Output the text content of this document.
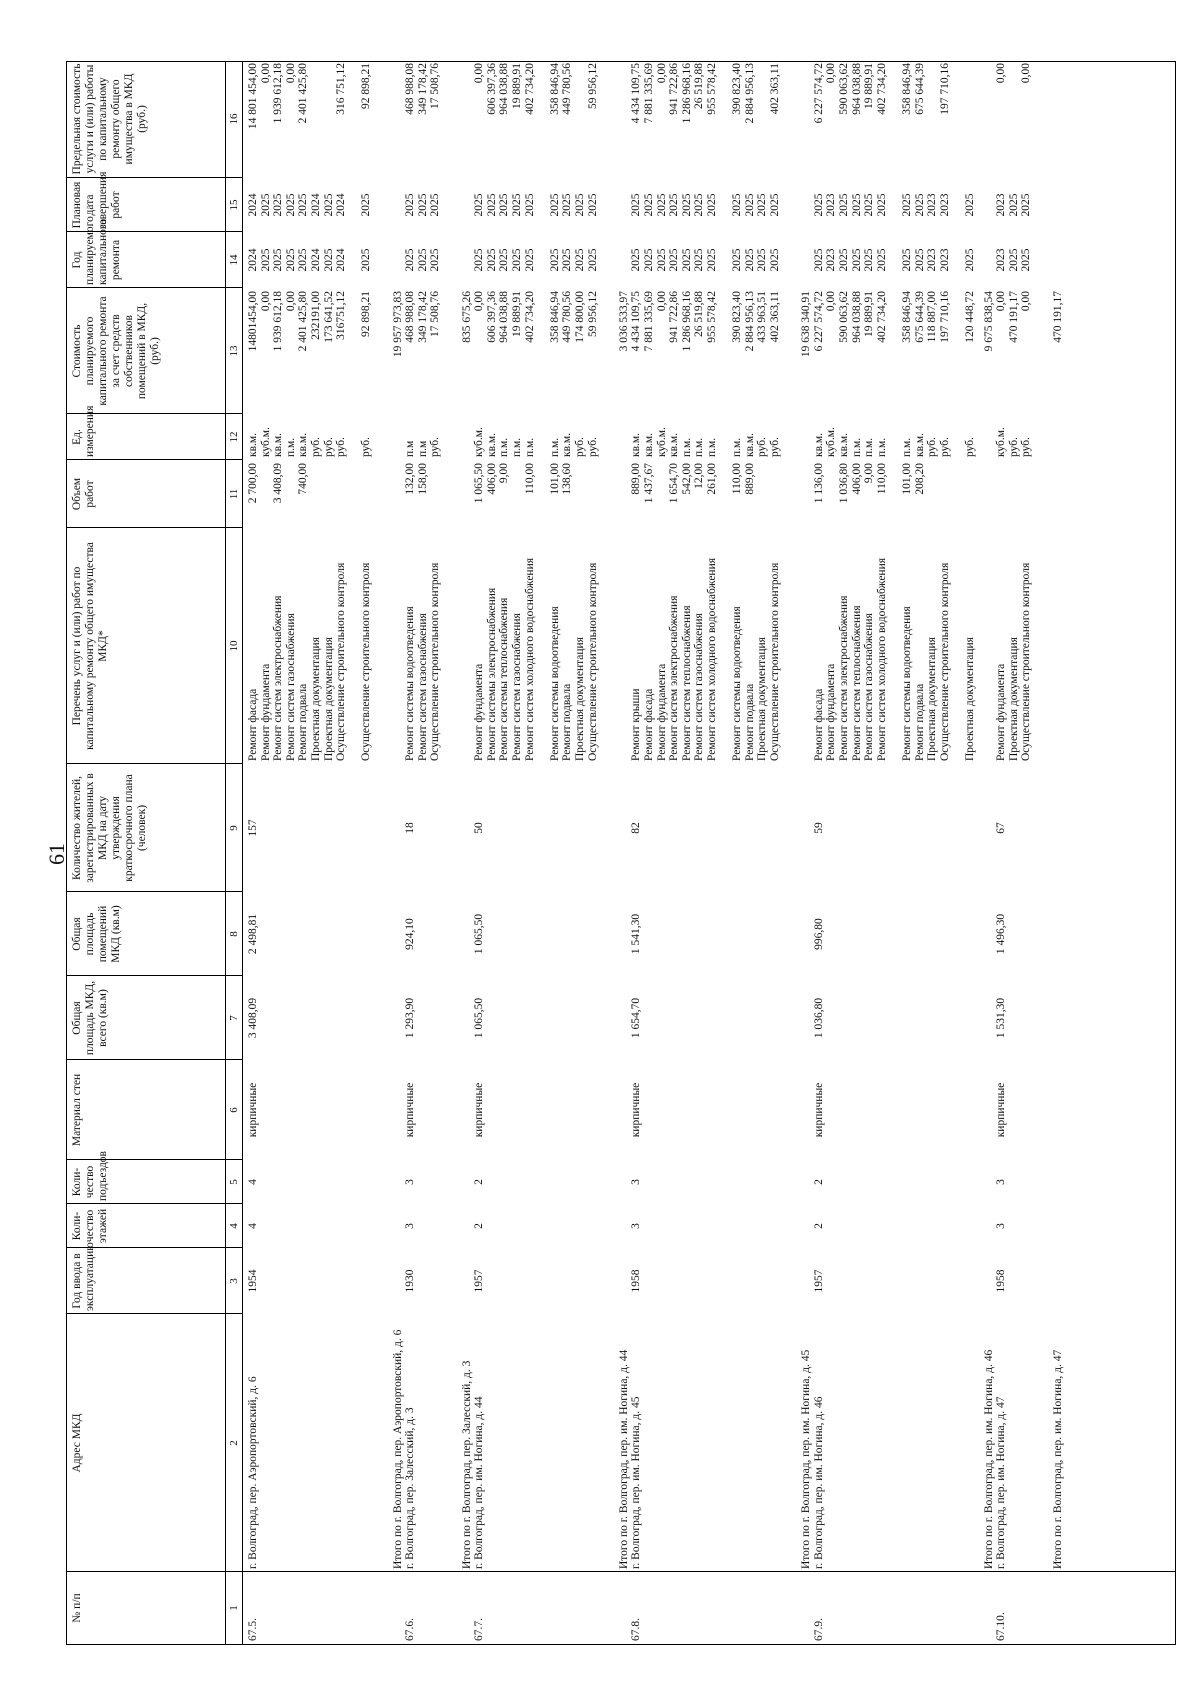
61
№ п/п
Адрес МКД
Год ввода в эксплуатацию
Коли-чество этажей
Коли-чество подъездов
Материал стен
Общая площадь МКД, всего (кв.м)
Общая площадь помещений МКД (кв.м)
Количество жителей, зарегистрированных в МКД на дату утверждения краткосрочного плана (человек)
Перечень услуг и (или) работ по капитальному ремонту общего имущества МКД*
Объем работ
Ед. измерения
Стоимость планируемого капитального ремонта за счет средств собственников помещений в МКД, (руб.)
Год планируемого капитального ремонта
Плановая дата завершения работ
Предельная стоимость услуги и (или) работы по капитальному ремонту общего имущества в МКД (руб.)
1
2
3
4
5
6
7
8
9
10
11
12
13
14
15
16
67.5.
г. Волгоград, пер. Аэропортовский, д. 6
1954
4
4
кирпичные
3 408,09
2 498,81
157
Ремонт фасада
2 700,00
кв.м.
14801454,00
2024
2024
14 801 454,00
Ремонт фундамента
куб.м.
0,00
2025
2025
0,00
Ремонт систем электроснабжения
3 408,09
кв.м.
1 939 612,18
2025
2025
1 939 612,18
Ремонт систем газоснабжения
п.м.
0,00
2025
2025
0,00
Ремонт подвала
740,00
кв.м.
2 401 425,80
2025
2025
2 401 425,80
Проектная документация
руб.
232191,00
2024
2024
Проектная документация
руб.
173 641,52
2025
2025
Осуществление строительного контроля
руб.
316751,12
2024
2024
316 751,12
Осуществление строительного контроля
руб.
92 898,21
2025
2025
92 898,21
Итого по г. Волгоград, пер. Аэропортовский, д. 6
19 957 973,83
67.6.
г. Волгоград, пер. Залесский, д. 3
1930
3
3
кирпичные
1 293,90
924,10
18
Ремонт системы водоотведения
132,00
п.м
468 988,08
2025
2025
468 988,08
Ремонт систем газоснабжения
158,00
п.м
349 178,42
2025
2025
349 178,42
Осуществление строительного контроля
руб.
17 508,76
2025
2025
17 508,76
Итого по г. Волгоград, пер. Залесский, д. 3
835 675,26
67.7.
г. Волгоград, пер. им. Ногина, д. 44
1957
2
2
кирпичные
1 065,50
1 065,50
50
Ремонт фундамента
1 065,50
куб.м.
0,00
2025
2025
0,00
Ремонт системы электроснабжения
406,00
кв.м.
606 397,36
2025
2025
606 397,36
Ремонт системы теплоснабжения
9,00
п.м.
964 038,88
2025
2025
964 038,88
Ремонт систем газоснабжения
п.м.
19 889,91
2025
2025
19 889,91
Ремонт систем холодного водоснабжения
110,00
п.м.
402 734,20
2025
2025
402 734,20
Ремонт системы водоотведения
101,00
п.м.
358 846,94
2025
2025
358 846,94
Ремонт подвала
138,60
кв.м.
449 780,56
2025
2025
449 780,56
Проектная документация
руб.
174 800,00
2025
2025
Осуществление строительного контроля
руб.
59 956,12
2025
2025
59 956,12
Итого по г. Волгоград, пер. им. Ногина, д. 44
3 036 533,97
67.8.
г. Волгоград, пер. им. Ногина, д. 45
1958
3
3
кирпичные
1 654,70
1 541,30
82
Ремонт крыши
889,00
кв.м.
4 434 109,75
2025
2025
4 434 109,75
Ремонт фасада
1 437,67
кв.м.
7 881 335,69
2025
2025
7 881 335,69
Ремонт фундамента
куб.м.
0,00
2025
2025
0,00
Ремонт систем электроснабжения
1 654,70
кв.м.
941 722,86
2025
2025
941 722,86
Ремонт систем теплоснабжения
542,00
п.м.
1 286 968,16
2025
2025
1 286 968,16
Ремонт систем газоснабжения
12,00
п.м.
26 519,88
2025
2025
26 519,88
Ремонт систем холодного водоснабжения
261,00
п.м.
955 578,42
2025
2025
955 578,42
Ремонт системы водоотведения
110,00
п.м.
390 823,40
2025
2025
390 823,40
Ремонт подвала
889,00
кв.м.
2 884 956,13
2025
2025
2 884 956,13
Проектная документация
руб.
433 963,51
2025
2025
Осуществление строительного контроля
руб.
402 363,11
2025
2025
402 363,11
Итого по г. Волгоград, пер. им. Ногина, д. 45
19 638 340,91
67.9.
г. Волгоград, пер. им. Ногина, д. 46
1957
2
2
кирпичные
1 036,80
996,80
59
Ремонт фасада
1 136,00
кв.м.
6 227 574,72
2025
2025
6 227 574,72
Ремонт фундамента
куб.м.
0,00
2023
2023
0,00
Ремонт систем электроснабжения
1 036,80
кв.м.
590 063,62
2025
2025
590 063,62
Ремонт систем теплоснабжения
406,00
п.м.
964 038,88
2025
2025
964 038,88
Ремонт систем газоснабжения
9,00
п.м.
19 889,91
2025
2025
19 889,91
Ремонт систем холодного водоснабжения
110,00
п.м.
402 734,20
2025
2025
402 734,20
Ремонт системы водоотведения
101,00
п.м.
358 846,94
2025
2025
358 846,94
Ремонт подвала
208,20
кв.м.
675 644,39
2025
2025
675 644,39
Проектная документация
руб.
118 887,00
2023
2023
Осуществление строительного контроля
руб.
197 710,16
2023
2023
197 710,16
Проектная документация
руб.
120 448,72
2025
2025
Итого по г. Волгоград, пер. им. Ногина, д. 46
9 675 838,54
67.10.
г. Волгоград, пер. им. Ногина, д. 47
1958
3
3
кирпичные
1 531,30
1 496,30
67
Ремонт фундамента
куб.м.
0,00
2023
2023
0,00
Проектная документация
руб.
470 191,17
2025
2025
Осуществление строительного контроля
руб.
0,00
2025
2025
0,00
Итого по г. Волгоград, пер. им. Ногина, д. 47
470 191,17
